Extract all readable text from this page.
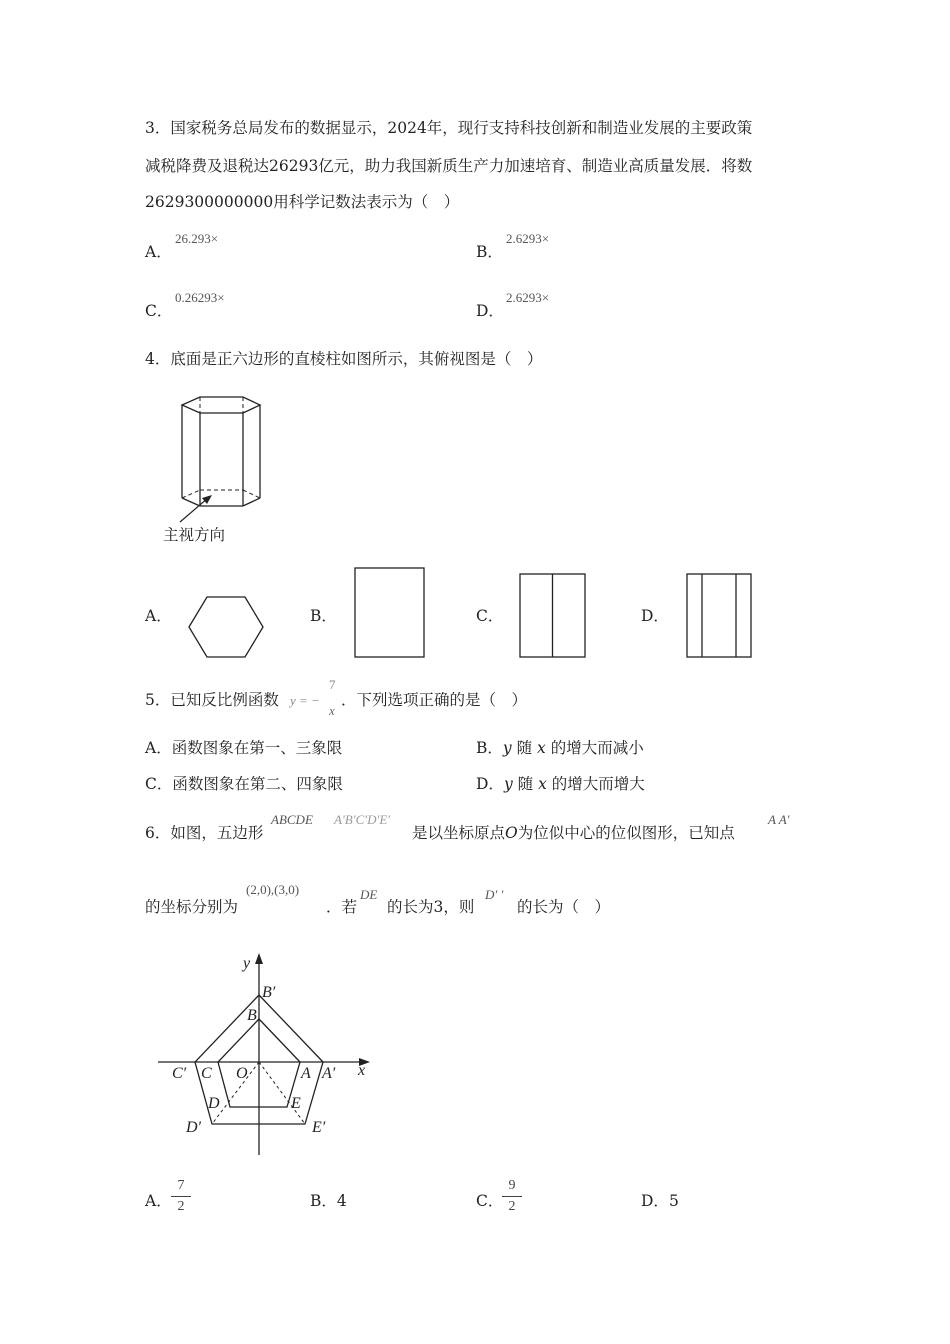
3．国家税务总局发布的数据显示，2024年，现行支持科技创新和制造业发展的主要政策
减税降费及退税达26293亿元，助力我国新质生产力加速培育、制造业高质量发展．将数
2629300000000用科学记数法表示为（　）
A．
26.293×
B．
2.6293×
C．
0.26293×
D．
2.6293×
4．底面是正六边形的直棱柱如图所示，其俯视图是（　）
主视方向
A．	B．	C．	D．
5．已知反比例函数 y = −
7
x
．下列选项正确的是（　）
A．函数图象在第一、三象限	B．y 随 x 的增大而减小
C．函数图象在第二、四象限	D．y 随 x 的增大而增大
6．如图，五边形
ABCDE A′B′C′D′E′
是以坐标原点O为位似中心的位似图形，已知点
A A′
的坐标分别为
(2,0),(3,0)
．若
DE
的长为3，则
D′ ′
的长为（　）
y
x
B′
B
C′ C O	A A′
D	E
D′	E′
A． $\frac{7}{2}$	B．4	C．
$\frac{9}{2}$	D．5
